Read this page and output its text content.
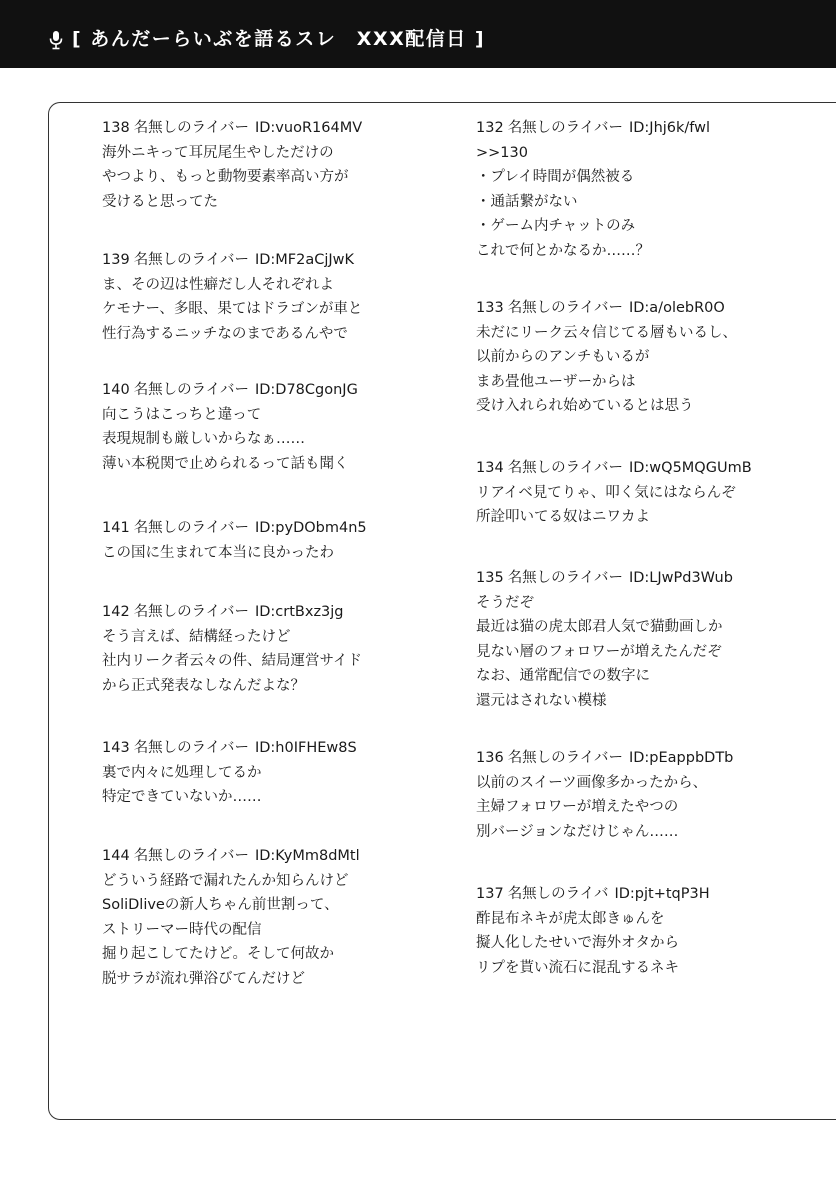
[ あんだーらいぶを語るスレ　XXX配信日 ]
138 名無しのライバー ID:vuoR164MV
海外ニキって耳尻尾生やしただけの
やつより、もっと動物要素率高い方が
受けると思ってた
139 名無しのライバー ID:MF2aCjJwK
ま、その辺は性癖だし人それぞれよ
ケモナー、多眼、果てはドラゴンが車と
性行為するニッチなのまであるんやで
140 名無しのライバー ID:D78CgonJG
向こうはこっちと違って
表現規制も厳しいからなぁ……
薄い本税関で止められるって話も聞く
141 名無しのライバー ID:pyDObm4n5
この国に生まれて本当に良かったわ
142 名無しのライバー ID:crtBxz3jg
そう言えば、結構経ったけど
社内リーク者云々の件、結局運営サイド
から正式発表なしなんだよな？
143 名無しのライバー ID:h0IFHEw8S
裏で内々に処理してるか
特定できていないか……
144 名無しのライバー ID:KyMm8dMtl
どういう経路で漏れたんか知らんけど
SoliDliveの新人ちゃん前世割って、
ストリーマー時代の配信
掘り起こしてたけど。そして何故か
脱サラが流れ弾浴びてんだけど
132 名無しのライバー ID:Jhj6k/fwl
>>130
・プレイ時間が偶然被る
・通話繋がない
・ゲーム内チャットのみ
これで何とかなるか……？
133 名無しのライバー ID:a/olebR0O
未だにリーク云々信じてる層もいるし、
以前からのアンチもいるが
まあ畳他ユーザーからは
受け入れられ始めているとは思う
134 名無しのライバー ID:wQ5MQGUmB
リアイベ見てりゃ、叩く気にはならんぞ
所詮叩いてる奴はニワカよ
135 名無しのライバー ID:LJwPd3Wub
そうだぞ
最近は猫の虎太郎君人気で猫動画しか
見ない層のフォロワーが増えたんだぞ
なお、通常配信での数字に
還元はされない模様
136 名無しのライバー ID:pEappbDTb
以前のスイーツ画像多かったから、
主婦フォロワーが増えたやつの
別バージョンなだけじゃん……
137 名無しのライバ ID:pjt+tqP3H
酢昆布ネキが虎太郎きゅんを
擬人化したせいで海外オタから
リプを貰い流石に混乱するネキ
